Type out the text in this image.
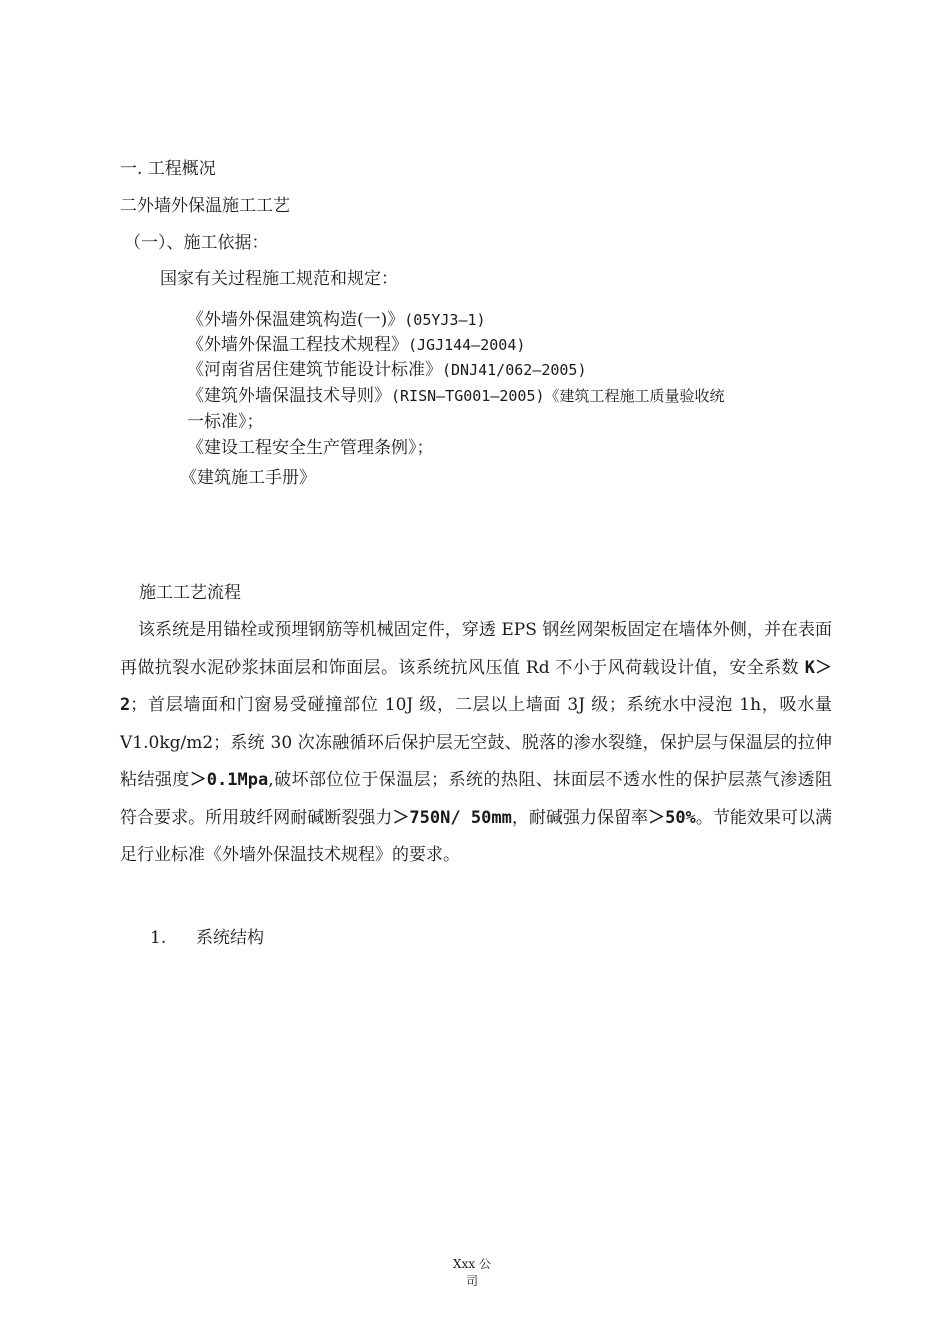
一. 工程概况
二外墙外保温施工工艺
（一）、施工依据：
国家有关过程施工规范和规定：
《外墙外保温建筑构造(一)》(05YJ3—1)
《外墙外保温工程技术规程》(JGJ144—2004)
《河南省居住建筑节能设计标准》(DNJ41/062—2005)
《建筑外墙保温技术导则》(RISN—TG001—2005)《建筑工程施工质量验收统
一标准》；
《建设工程安全生产管理条例》；
《建筑施工手册》
施工工艺流程
该系统是用锚栓或预埋钢筋等机械固定件，穿透 EPS 钢丝网架板固定在墙体外侧，并在表面再做抗裂水泥砂浆抹面层和饰面层。该系统抗风压值 Rd 不小于风荷载设计值，安全系数 K＞2；首层墙面和门窗易受碰撞部位 10J 级，二层以上墙面 3J 级；系统水中浸泡 1h，吸水量 V1.0kg/m2；系统 30 次冻融循环后保护层无空鼓、脱落的渗水裂缝，保护层与保温层的拉伸粘结强度＞0.1Mpa,破坏部位位于保温层；系统的热阻、抹面层不透水性的保护层蒸气渗透阻符合要求。所用玻纤网耐碱断裂强力＞750N/ 50mm，耐碱强力保留率＞50%。节能效果可以满足行业标准《外墙外保温技术规程》的要求。
1. 系统结构
Xxx 公司
